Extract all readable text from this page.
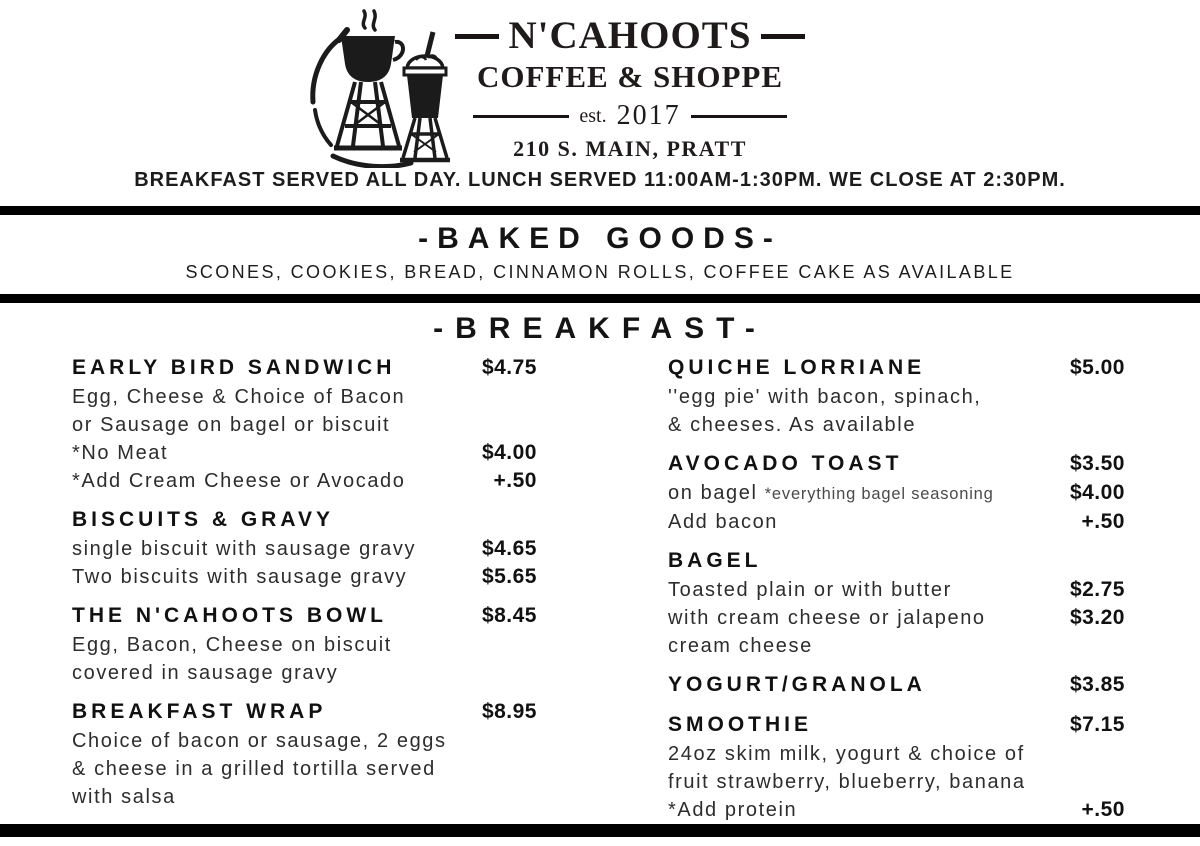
N'CAHOOTS
COFFEE & SHOPPE
est. 2017
210 S. MAIN, PRATT
BREAKFAST SERVED ALL DAY. LUNCH SERVED 11:00AM-1:30PM. WE CLOSE AT 2:30PM.
-BAKED GOODS-
SCONES, COOKIES, BREAD, CINNAMON ROLLS, COFFEE CAKE AS AVAILABLE
-BREAKFAST-
EARLY BIRD SANDWICH	$4.75
Egg, Cheese & Choice of Bacon
or Sausage on bagel or biscuit
*No Meat	$4.00
*Add Cream Cheese or Avocado	+.50
BISCUITS & GRAVY
single biscuit with sausage gravy	$4.65
Two biscuits with sausage gravy	$5.65
THE N'CAHOOTS BOWL	$8.45
Egg, Bacon, Cheese on biscuit
covered in sausage gravy
BREAKFAST WRAP	$8.95
Choice of bacon or sausage, 2 eggs
& cheese in a grilled tortilla served
with salsa
QUICHE LORRIANE	$5.00
''egg pie' with bacon, spinach,
& cheeses. As available
AVOCADO TOAST	$3.50
on bagel *everything bagel seasoning	$4.00
Add bacon	+.50
BAGEL
Toasted plain or with butter	$2.75
with cream cheese or jalapeno	$3.20
cream cheese
YOGURT/GRANOLA	$3.85
SMOOTHIE	$7.15
24oz skim milk, yogurt & choice of
fruit strawberry, blueberry, banana
*Add protein	+.50
